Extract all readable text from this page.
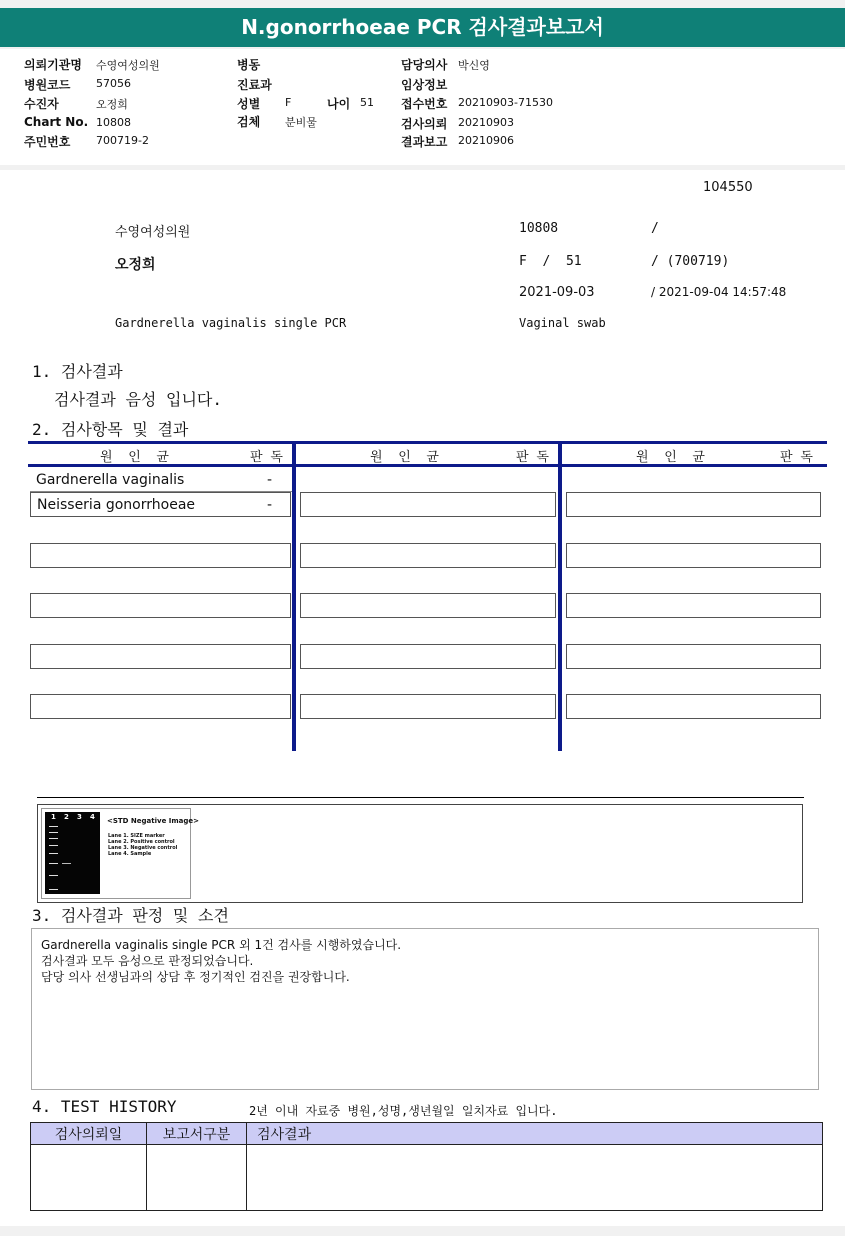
N.gonorrhoeae PCR 검사결과보고서
의뢰기관명 수영여성의원
병원코드 57056
수진자	오정희
Chart No. 10808
주민번호 700719-2
병동
진료과
성별 F	나이 51
검체 분비물
담당의사 박신영
임상정보
접수번호 20210903-71530
검사의뢰 20210903
결과보고 20210906
104550
수영여성의원	10808	/
오정희	F  /  51	/ (700719)
2021-09-03	/ 2021-09-04 14:57:48
Gardnerella vaginalis single PCR	Vaginal swab
1. 검사결과
검사결과 음성 입니다.
2. 검사항목 및 결과
원  인  균	판 독	원  인  균	판 독	원  인  균	판 독
Gardnerella vaginalis	-
Neisseria gonorrhoeae	-
1 2 3 4 <STD Negative Image>
Lane 1. SIZE marker
Lane 2. Positive control
Lane 3. Negative control
Lane 4. Sample
3. 검사결과 판정 및 소견
Gardnerella vaginalis single PCR 외 1건 검사를 시행하였습니다.
검사결과 모두 음성으로 판정되었습니다.
담당 의사 선생님과의 상담 후 정기적인 검진을 권장합니다.
4. TEST HISTORY	2년 이내 자료중 병원,성명,생년월일 일치자료 입니다.
검사의뢰일	보고서구분	검사결과
